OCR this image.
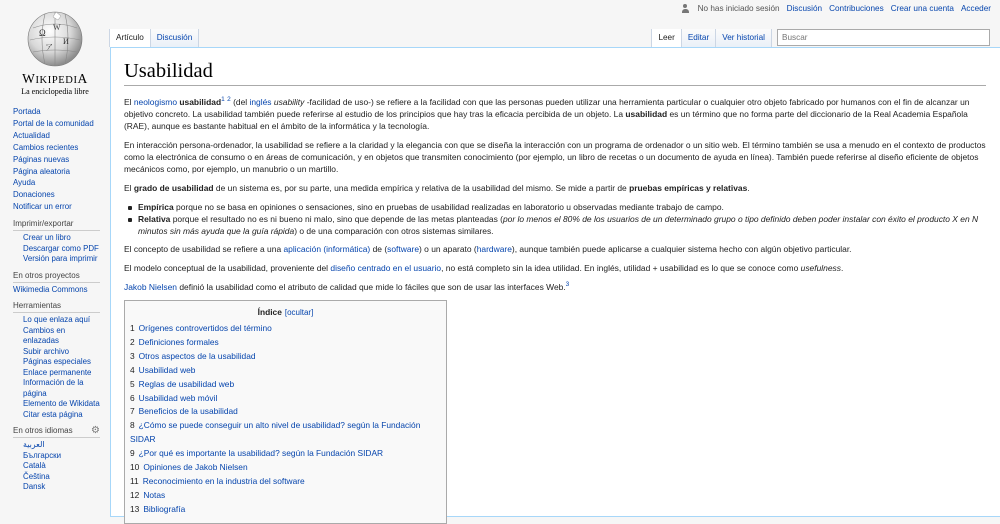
No has iniciado sesión Discusión Contribuciones Crear una cuenta Acceder
Ω
W
И
ア
WIKIPEDIA
La enciclopedia libre
Portada
Portal de la comunidad
Actualidad
Cambios recientes
Páginas nuevas
Página aleatoria
Ayuda
Donaciones
Notificar un error
Imprimir/exportar
Crear un libro
Descargar como PDF
Versión para imprimir
En otros proyectos
Wikimedia Commons
Herramientas
Lo que enlaza aquí
Cambios en enlazadas
Subir archivo
Páginas especiales
Enlace permanente
Información de la página
Elemento de Wikidata
Citar esta página
En otros idiomas ⚙
العربية
Български
Català
Čeština
Dansk
Artículo	Discusión	Leer	Editar	Ver historial
Buscar
Usabilidad

El neologismo usabilidad$^1$ $^2$ (del inglés usability -facilidad de uso-) se refiere a la facilidad con que las personas pueden utilizar una herramienta particular o cualquier otro objeto fabricado por humanos con el fin de alcanzar un objetivo concreto. La usabilidad también puede referirse al estudio de los principios que hay tras la eficacia percibida de un objeto. La usabilidad es un término que no forma parte del diccionario de la Real Academia Española (RAE), aunque es bastante habitual en el ámbito de la informática y la tecnología.

En interacción persona-ordenador, la usabilidad se refiere a la claridad y la elegancia con que se diseña la interacción con un programa de ordenador o un sitio web. El término también se usa a menudo en el contexto de productos como la electrónica de consumo o en áreas de comunicación, y en objetos que transmiten conocimiento (por ejemplo, un libro de recetas o un documento de ayuda en línea). También puede referirse al diseño eficiente de objetos mecánicos como, por ejemplo, un manubrio o un martillo.

El grado de usabilidad de un sistema es, por su parte, una medida empírica y relativa de la usabilidad del mismo. Se mide a partir de pruebas empíricas y relativas.

Empírica porque no se basa en opiniones o sensaciones, sino en pruebas de usabilidad realizadas en laboratorio u observadas mediante trabajo de campo.
Relativa porque el resultado no es ni bueno ni malo, sino que depende de las metas planteadas (por lo menos el 80% de los usuarios de un determinado grupo o tipo definido deben poder instalar con éxito el producto X en N minutos sin más ayuda que la guía rápida) o de una comparación con otros sistemas similares.

El concepto de usabilidad se refiere a una aplicación (informática) de (software) o un aparato (hardware), aunque también puede aplicarse a cualquier sistema hecho con algún objetivo particular.

El modelo conceptual de la usabilidad, proveniente del diseño centrado en el usuario, no está completo sin la idea utilidad. En inglés, utilidad + usabilidad es lo que se conoce como usefulness.

Jakob Nielsen definió la usabilidad como el atributo de calidad que mide lo fáciles que son de usar las interfaces Web.$^3$

Índice [ocultar]
1 Orígenes controvertidos del término
2 Definiciones formales
3 Otros aspectos de la usabilidad
4 Usabilidad web
5 Reglas de usabilidad web
6 Usabilidad web móvil
7 Beneficios de la usabilidad
8 ¿Cómo se puede conseguir un alto nivel de usabilidad? según la Fundación SIDAR
9 ¿Por qué es importante la usabilidad? según la Fundación SIDAR
10 Opiniones de Jakob Nielsen
11 Reconocimiento en la industria del software
12 Notas
13 Bibliografía
